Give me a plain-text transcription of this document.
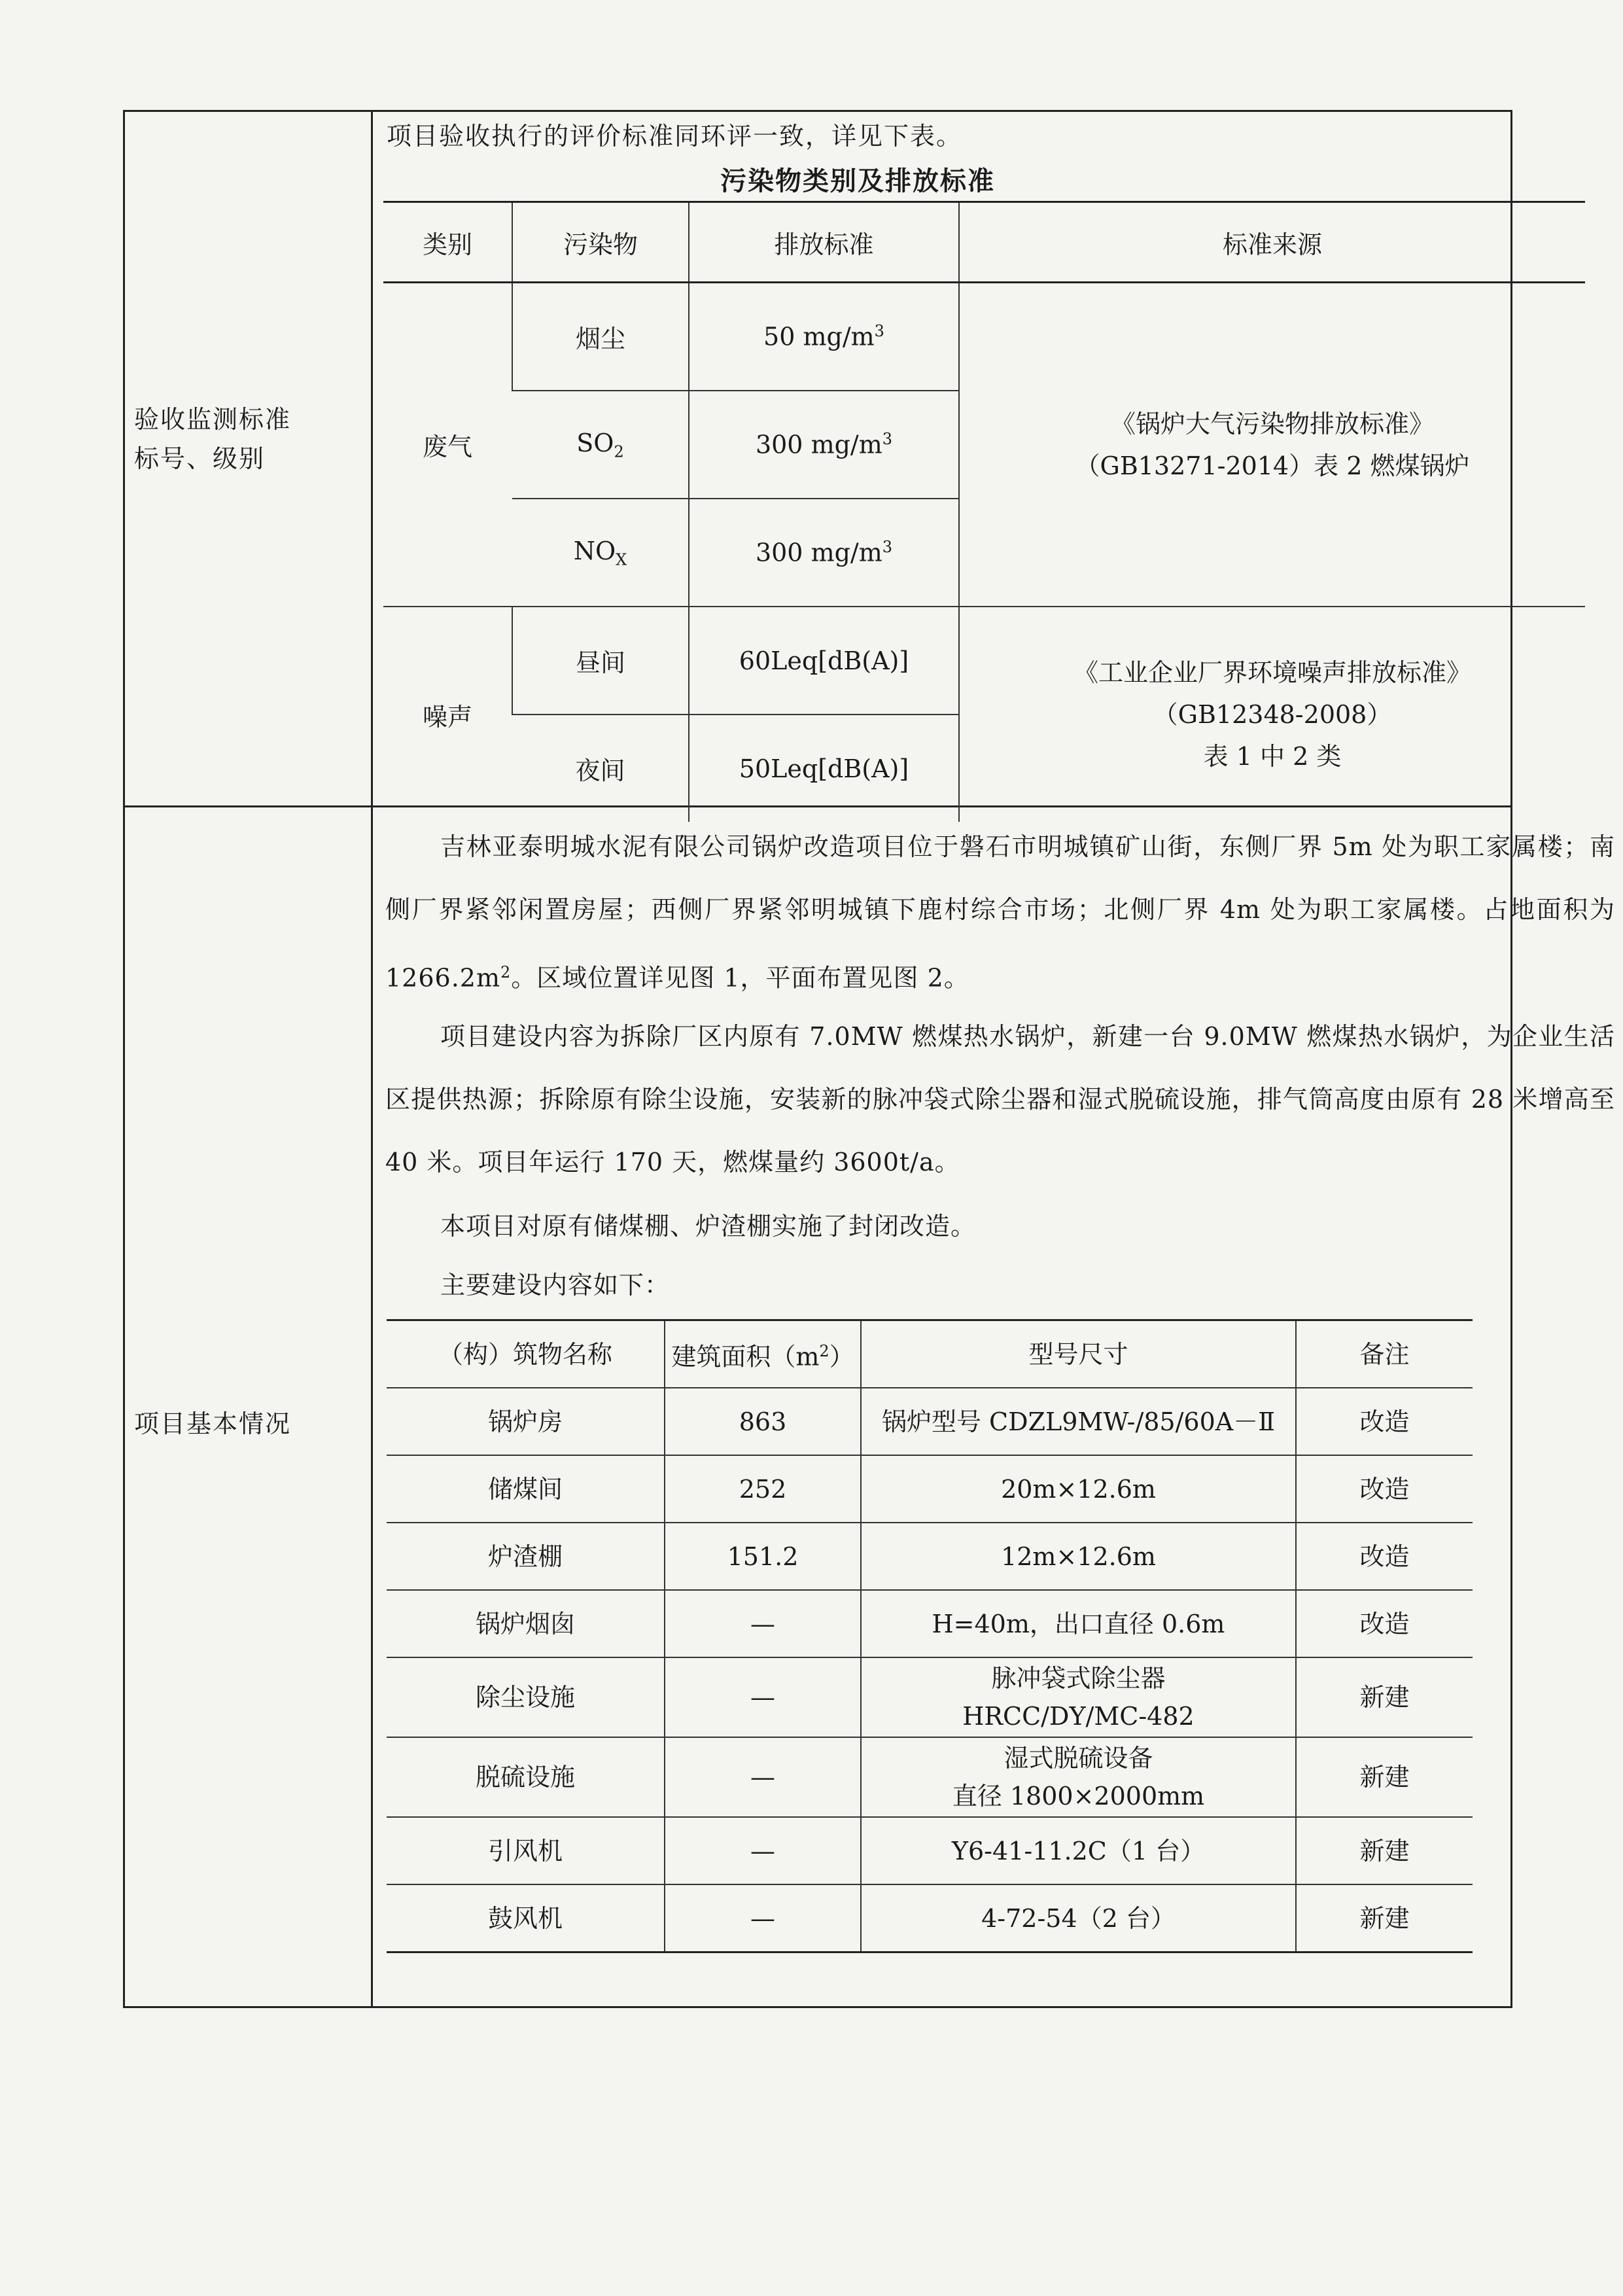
验收监测标准
标号、级别
项目验收执行的评价标准同环评一致，详见下表。
污染物类别及排放标准
类别	污染物	排放标准	标准来源
废气	烟尘	50 $mg/m^3$	《锅炉大气污染物排放标准》
（GB13271-2014）表 2 燃煤锅炉

	$SO_2$	300 $mg/m^3$
	$NO_X$	300 $mg/m^3$
噪声	昼间	60Leq[dB(A)]	《工业企业厂界环境噪声排放标准》
（GB12348-2008）
表 1 中 2 类

	夜间	50Leq[dB(A)]	
项目基本情况
吉林亚泰明城水泥有限公司锅炉改造项目位于磐石市明城镇矿山街，东侧厂界 5m 处为职工家属楼；南侧厂界紧邻闲置房屋；西侧厂界紧邻明城镇下鹿村综合市场；北侧厂界 4m 处为职工家属楼。占地面积为 $1266.2m^2$。区域位置详见图 1，平面布置见图 2。
项目建设内容为拆除厂区内原有 7.0MW 燃煤热水锅炉，新建一台 9.0MW 燃煤热水锅炉，为企业生活区提供热源；拆除原有除尘设施，安装新的脉冲袋式除尘器和湿式脱硫设施，排气筒高度由原有 28 米增高至 40 米。项目年运行 170 天，燃煤量约 3600t/a。
本项目对原有储煤棚、炉渣棚实施了封闭改造。
主要建设内容如下：
（构）筑物名称	建筑面积$(m^2)$	型号尺寸	备注
锅炉房	863	锅炉型号 CDZL9MW-/85/60A－Ⅱ	改造
储煤间	252	20m×12.6m	改造
炉渣棚	151.2	12m×12.6m	改造
锅炉烟囱	—	H=40m，出口直径 0.6m	改造
除尘设施	—	脉冲袋式除尘器
HRCC/DY/MC-482	新建
脱硫设施	—	湿式脱硫设备
直径 1800×2000mm	新建
引风机	—	Y6-41-11.2C（1 台）	新建
鼓风机	—	4-72-54（2 台）	新建
